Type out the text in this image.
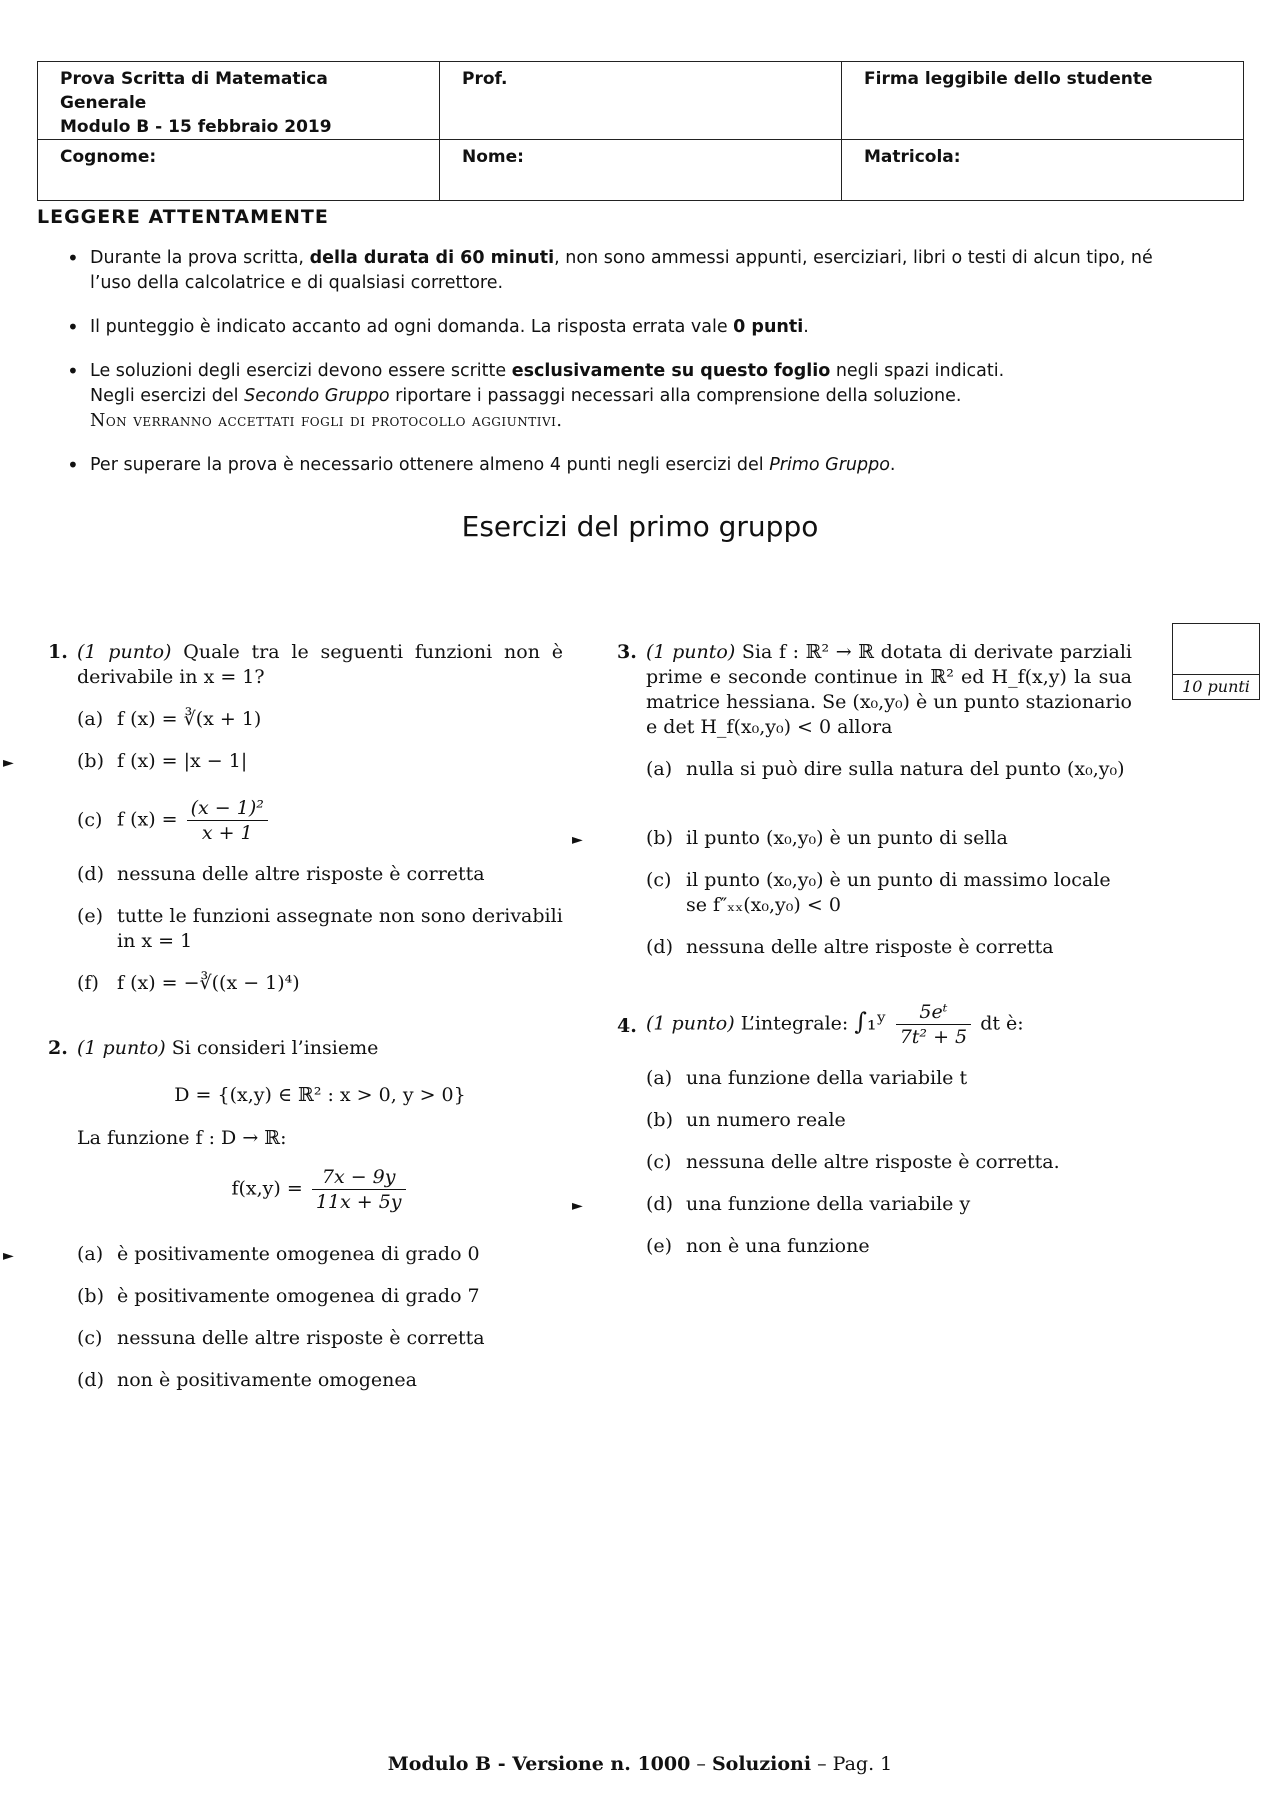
Prova Scritta di Matematica Generale
Modulo B - 15 febbraio 2019	Prof.	Firma leggibile dello studente
Cognome:	Nome:	Matricola:
LEGGERE ATTENTAMENTE
• Durante la prova scritta, della durata di 60 minuti, non sono ammessi appunti, eserciziari, libri o testi di alcun tipo, né l’uso della calcolatrice e di qualsiasi correttore.
• Il punteggio è indicato accanto ad ogni domanda. La risposta errata vale 0 punti.
• Le soluzioni degli esercizi devono essere scritte esclusivamente su questo foglio negli spazi indicati.
Negli esercizi del Secondo Gruppo riportare i passaggi necessari alla comprensione della soluzione.
Non verranno accettati fogli di protocollo aggiuntivi.
• Per superare la prova è necessario ottenere almeno 4 punti negli esercizi del Primo Gruppo.
Esercizi del primo gruppo
10 punti
1. (1 punto) Quale tra le seguenti funzioni non è derivabile in x = 1?
(a) f (x) = ∛(x + 1)
►	(b) f (x) = |x − 1|
(c) f $(x) = \frac{\text{(x − 1)²}}{x + 1}$
(d) nessuna delle altre risposte è corretta
(e) tutte le funzioni assegnate non sono derivabili in x = 1
(f) f (x) = −∛((x − 1)⁴)
2. (1 punto) Si consideri l’insieme
D = {(x,y) ∈ ℝ² : x > 0, y > 0}
La funzione f : D → ℝ:
$f(x,y) = \frac{7x - 9y}{11x + 5y}$
►	(a) è positivamente omogenea di grado 0
(b) è positivamente omogenea di grado 7
(c) nessuna delle altre risposte è corretta
(d) non è positivamente omogenea
3. (1 punto) Sia f : ℝ² → ℝ dotata di derivate parziali prime e seconde continue in ℝ² ed H_f(x,y) la sua matrice hessiana. Se (x₀,y₀) è un punto stazionario e det H_f(x₀,y₀) < 0 allora
(a) nulla si può dire sulla natura del punto (x₀,y₀)
►	(b) il punto (x₀,y₀) è un punto di sella
(c) il punto (x₀,y₀) è un punto di massimo locale se f″ₓₓ(x₀,y₀) < 0
(d) nessuna delle altre risposte è corretta
4. (1 punto) L’integrale: ∫₁ʸ $\frac{\text{5eᵗ}}{\text{7t² + 5}}$ dt è:
(a) una funzione della variabile t
(b) un numero reale
(c) nessuna delle altre risposte è corretta.
►	(d) una funzione della variabile y
(e) non è una funzione
Modulo B - Versione n. 1000 – Soluzioni – Pag. 1
